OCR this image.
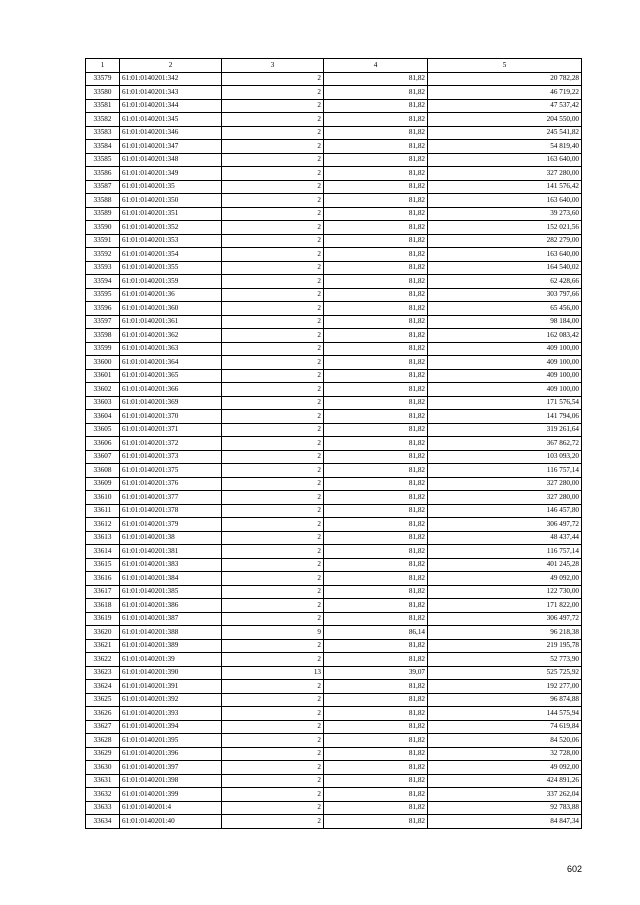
1	2	3	4	5
33579	61:01:0140201:342	2	81,82	20 782,28
33580	61:01:0140201:343	2	81,82	46 719,22
33581	61:01:0140201:344	2	81,82	47 537,42
33582	61:01:0140201:345	2	81,82	204 550,00
33583	61:01:0140201:346	2	81,82	245 541,82
33584	61:01:0140201:347	2	81,82	54 819,40
33585	61:01:0140201:348	2	81,82	163 640,00
33586	61:01:0140201:349	2	81,82	327 280,00
33587	61:01:0140201:35	2	81,82	141 576,42
33588	61:01:0140201:350	2	81,82	163 640,00
33589	61:01:0140201:351	2	81,82	39 273,60
33590	61:01:0140201:352	2	81,82	152 021,56
33591	61:01:0140201:353	2	81,82	282 279,00
33592	61:01:0140201:354	2	81,82	163 640,00
33593	61:01:0140201:355	2	81,82	164 540,02
33594	61:01:0140201:359	2	81,82	62 428,66
33595	61:01:0140201:36	2	81,82	303 797,66
33596	61:01:0140201:360	2	81,82	65 456,00
33597	61:01:0140201:361	2	81,82	98 184,00
33598	61:01:0140201:362	2	81,82	162 083,42
33599	61:01:0140201:363	2	81,82	409 100,00
33600	61:01:0140201:364	2	81,82	409 100,00
33601	61:01:0140201:365	2	81,82	409 100,00
33602	61:01:0140201:366	2	81,82	409 100,00
33603	61:01:0140201:369	2	81,82	171 576,54
33604	61:01:0140201:370	2	81,82	141 794,06
33605	61:01:0140201:371	2	81,82	319 261,64
33606	61:01:0140201:372	2	81,82	367 862,72
33607	61:01:0140201:373	2	81,82	103 093,20
33608	61:01:0140201:375	2	81,82	116 757,14
33609	61:01:0140201:376	2	81,82	327 280,00
33610	61:01:0140201:377	2	81,82	327 280,00
33611	61:01:0140201:378	2	81,82	146 457,80
33612	61:01:0140201:379	2	81,82	306 497,72
33613	61:01:0140201:38	2	81,82	48 437,44
33614	61:01:0140201:381	2	81,82	116 757,14
33615	61:01:0140201:383	2	81,82	401 245,28
33616	61:01:0140201:384	2	81,82	49 092,00
33617	61:01:0140201:385	2	81,82	122 730,00
33618	61:01:0140201:386	2	81,82	171 822,00
33619	61:01:0140201:387	2	81,82	306 497,72
33620	61:01:0140201:388	9	86,14	96 218,38
33621	61:01:0140201:389	2	81,82	219 195,78
33622	61:01:0140201:39	2	81,82	52 773,90
33623	61:01:0140201:390	13	39,07	525 725,92
33624	61:01:0140201:391	2	81,82	192 277,00
33625	61:01:0140201:392	2	81,82	96 874,88
33626	61:01:0140201:393	2	81,82	144 575,94
33627	61:01:0140201:394	2	81,82	74 619,84
33628	61:01:0140201:395	2	81,82	84 520,06
33629	61:01:0140201:396	2	81,82	32 728,00
33630	61:01:0140201:397	2	81,82	49 092,00
33631	61:01:0140201:398	2	81,82	424 891,26
33632	61:01:0140201:399	2	81,82	337 262,04
33633	61:01:0140201:4	2	81,82	92 783,88
33634	61:01:0140201:40	2	81,82	84 847,34
602
